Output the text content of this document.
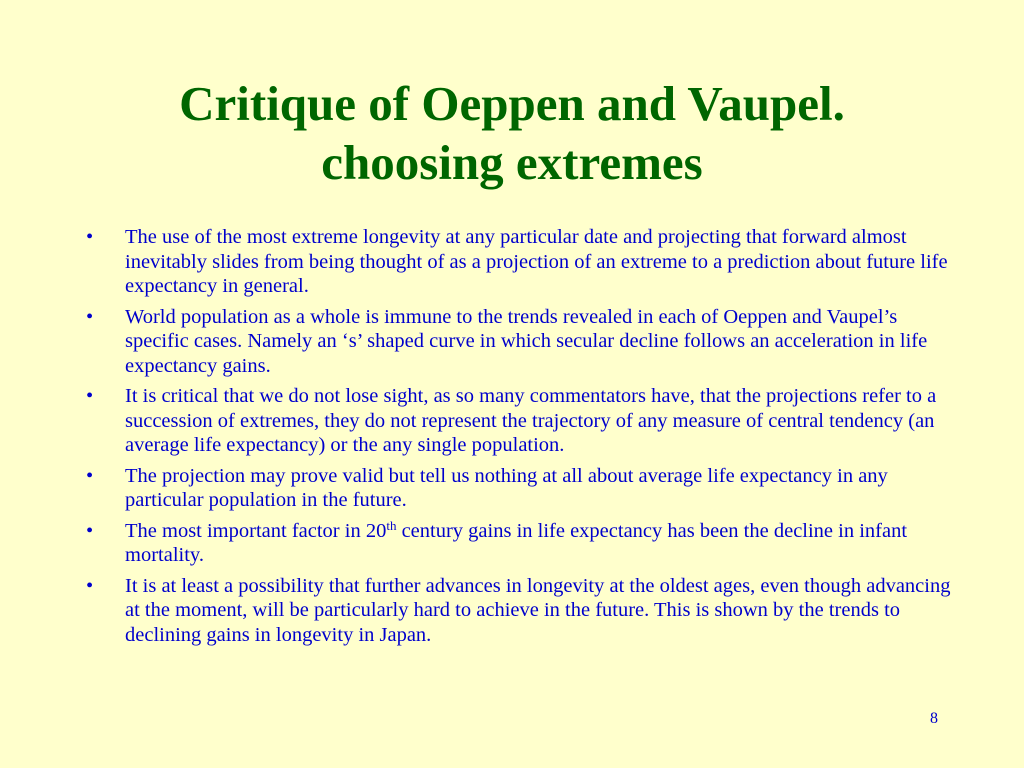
Critique of Oeppen and Vaupel.
choosing extremes
• The use of the most extreme longevity at any particular date and projecting that forward almost inevitably slides from being thought of as a projection of an extreme to a prediction about future life expectancy in general.
• World population as a whole is immune to the trends revealed in each of Oeppen and Vaupel’s specific cases. Namely an ‘s’ shaped curve in which secular decline follows an acceleration in life expectancy gains.
• It is critical that we do not lose sight, as so many commentators have, that the projections refer to a succession of extremes, they do not represent the trajectory of any measure of central tendency (an average life expectancy) or the any single population.
• The projection may prove valid but tell us nothing at all about average life expectancy in any particular population in the future.
• The most important factor in 20th century gains in life expectancy has been the decline in infant mortality.
• It is at least a possibility that further advances in longevity at the oldest ages, even though advancing at the moment, will be particularly hard to achieve in the future. This is shown by the trends to declining gains in longevity in Japan.
8
